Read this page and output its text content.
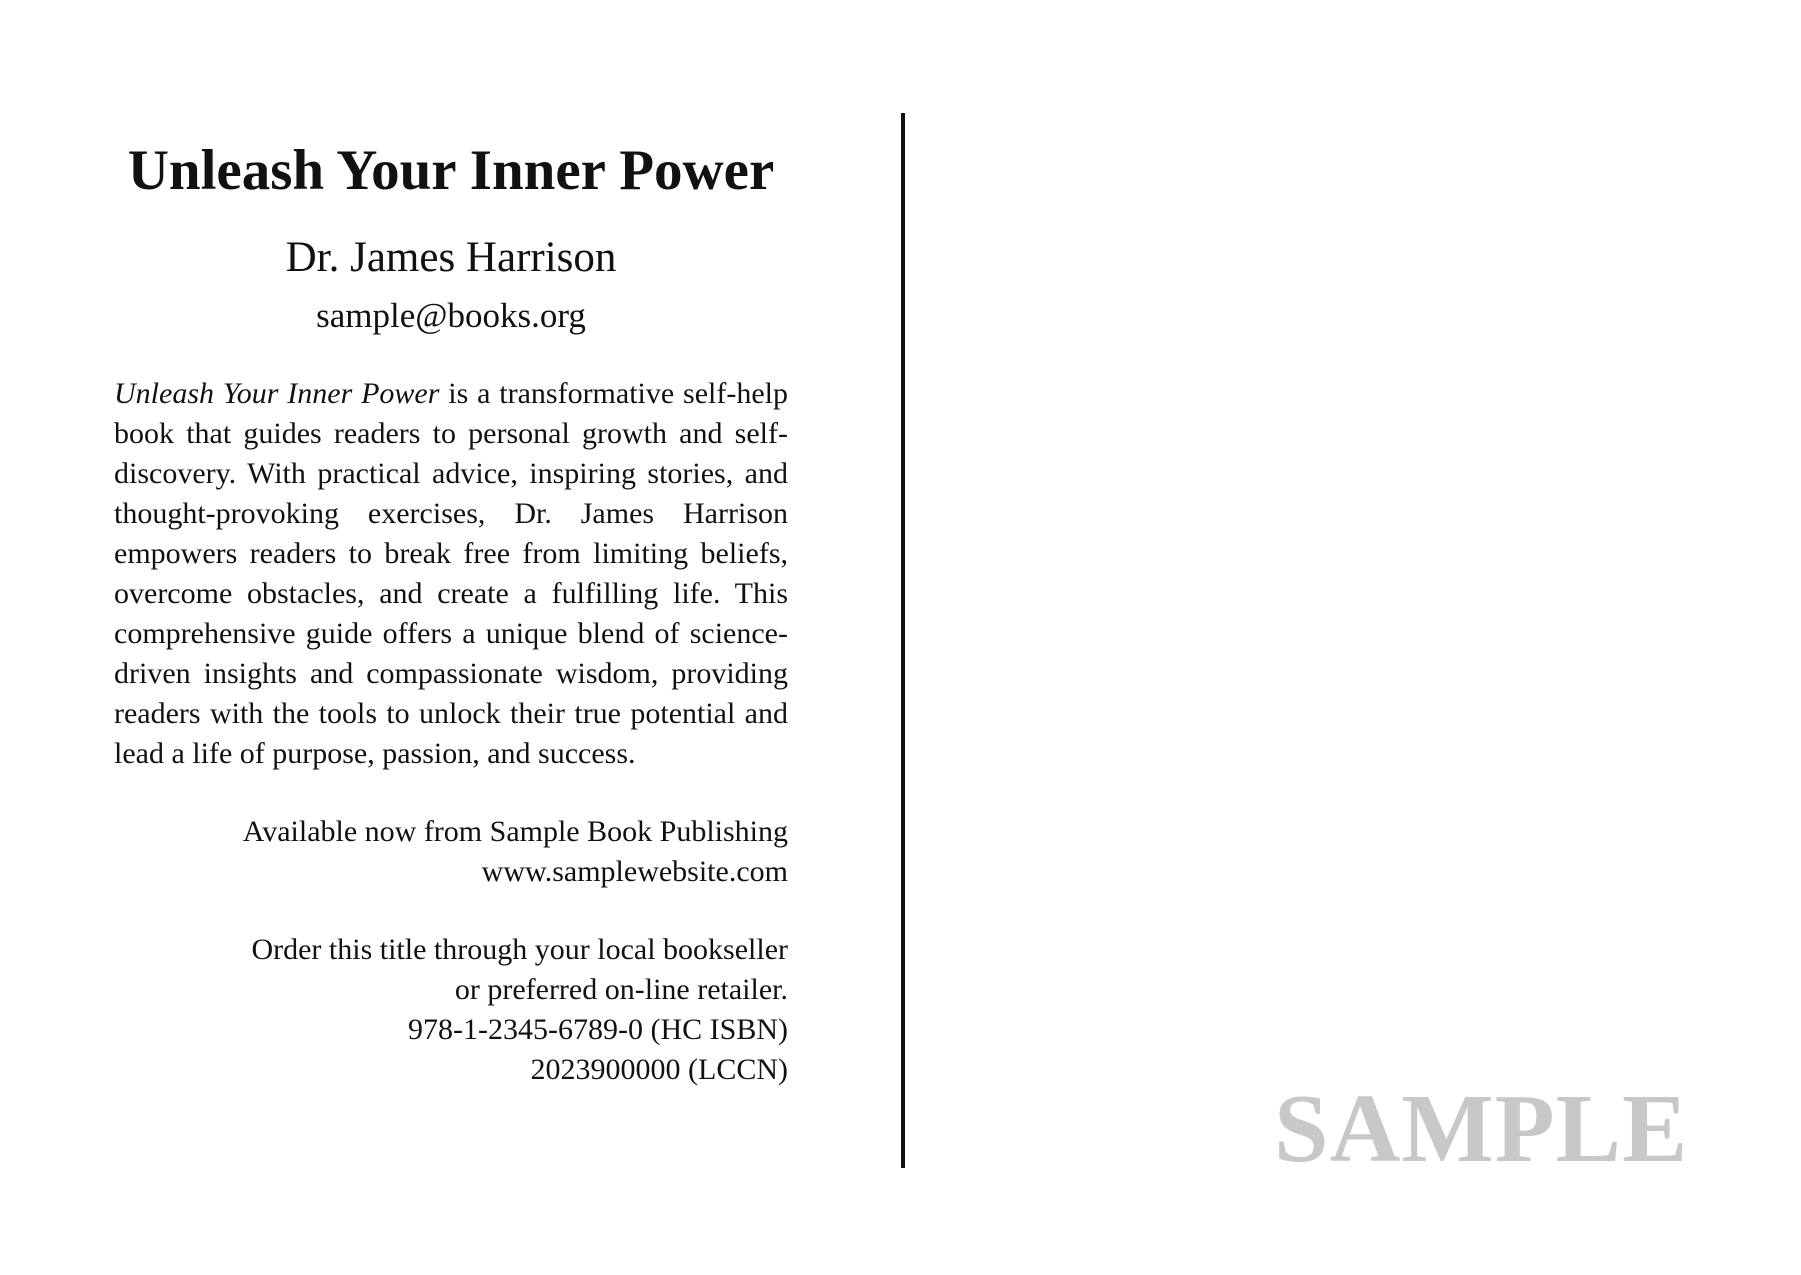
Unleash Your Inner Power
Dr. James Harrison
sample@books.org

Unleash Your Inner Power is a transformative self-help book that guides readers to personal growth and self-discovery. With practical advice, inspiring stories, and thought-provoking exercises, Dr. James Harrison empowers readers to break free from limiting beliefs, overcome obstacles, and create a fulfilling life. This comprehensive guide offers a unique blend of science-driven insights and compassionate wisdom, providing readers with the tools to unlock their true potential and lead a life of purpose, passion, and success.

Available now from Sample Book Publishing
www.samplewebsite.com
Order this title through your local bookseller
or preferred on-line retailer.
978-1-2345-6789-0 (HC ISBN)
2023900000 (LCCN)
SAMPLE
